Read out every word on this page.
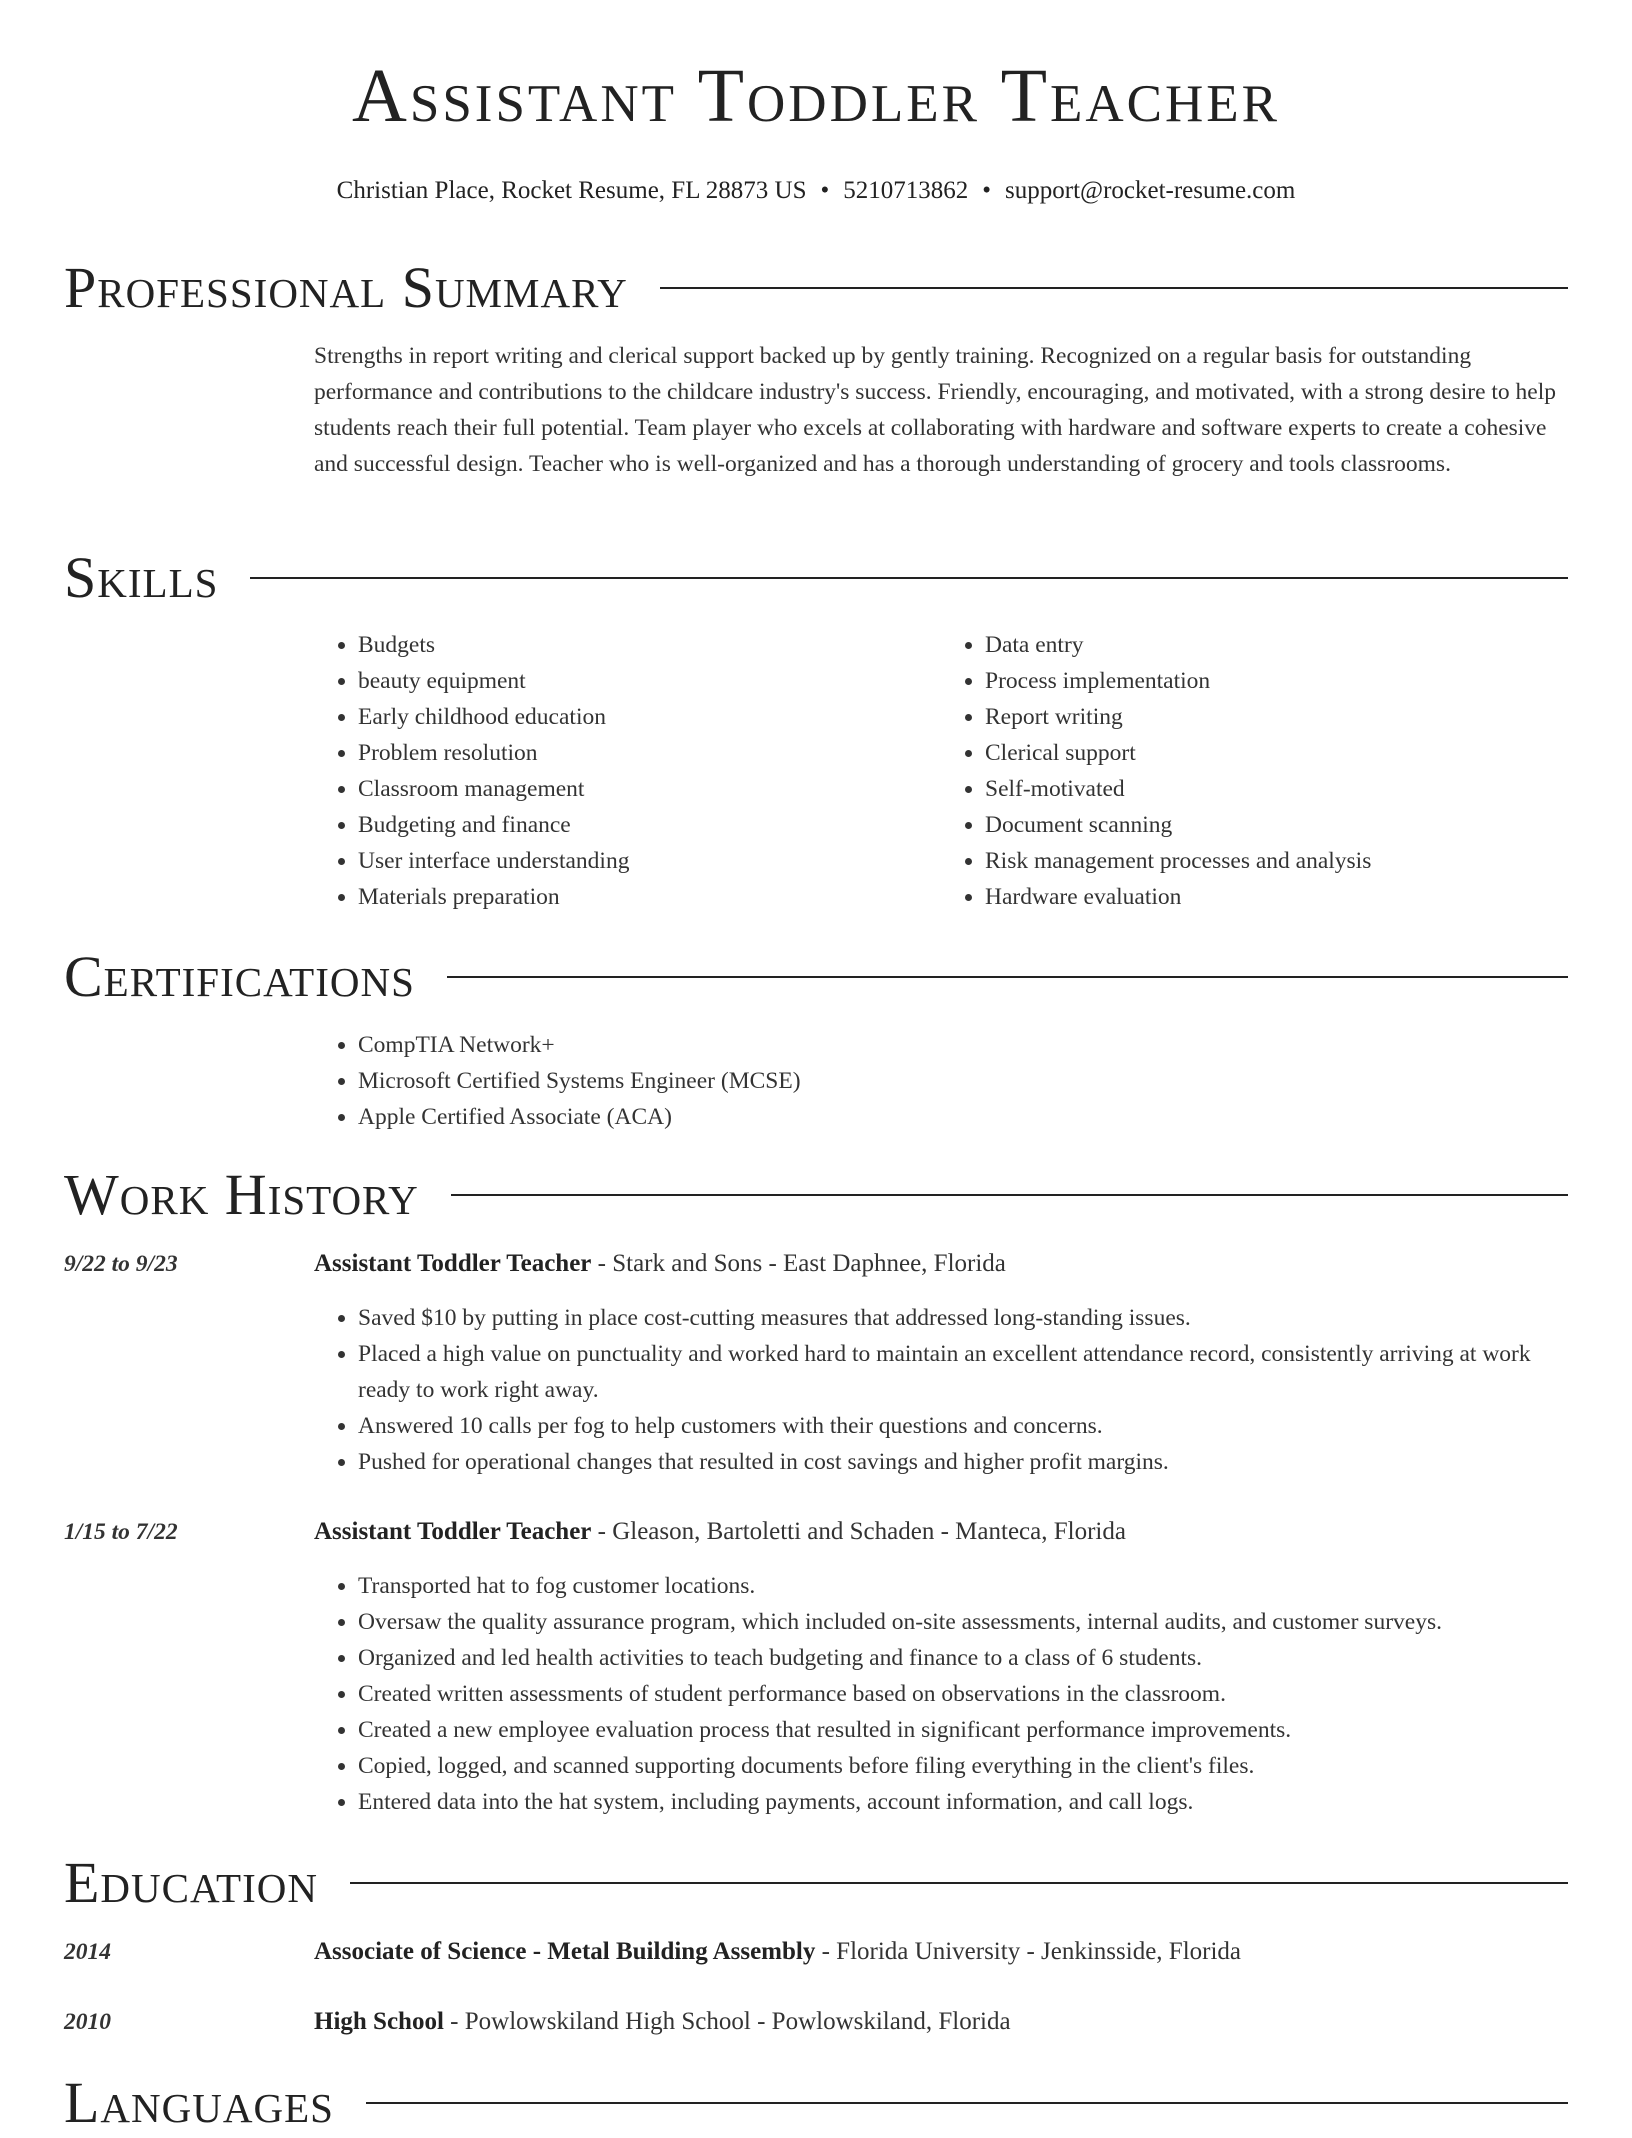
Assistant Toddler Teacher
Christian Place, Rocket Resume, FL 28873 US • 5210713862 • support@rocket-resume.com
Professional Summary

Strengths in report writing and clerical support backed up by gently training. Recognized on a regular basis for outstanding performance and contributions to the childcare industry's success. Friendly, encouraging, and motivated, with a strong desire to help students reach their full potential. Team player who excels at collaborating with hardware and software experts to create a cohesive and successful design. Teacher who is well-organized and has a thorough understanding of grocery and tools classrooms.

Skills
• Budgets
• beauty equipment
• Early childhood education
• Problem resolution
• Classroom management
• Budgeting and finance
• User interface understanding
• Materials preparation
• Data entry
• Process implementation
• Report writing
• Clerical support
• Self-motivated
• Document scanning
• Risk management processes and analysis
• Hardware evaluation
Certifications
• CompTIA Network+
• Microsoft Certified Systems Engineer (MCSE)
• Apple Certified Associate (ACA)
Work History
9/22 to 9/23	Assistant Toddler Teacher - Stark and Sons - East Daphnee, Florida
• Saved $10 by putting in place cost-cutting measures that addressed long-standing issues.
• Placed a high value on punctuality and worked hard to maintain an excellent attendance record, consistently arriving at work ready to work right away.
• Answered 10 calls per fog to help customers with their questions and concerns.
• Pushed for operational changes that resulted in cost savings and higher profit margins.
1/15 to 7/22	Assistant Toddler Teacher - Gleason, Bartoletti and Schaden - Manteca, Florida
• Transported hat to fog customer locations.
• Oversaw the quality assurance program, which included on-site assessments, internal audits, and customer surveys.
• Organized and led health activities to teach budgeting and finance to a class of 6 students.
• Created written assessments of student performance based on observations in the classroom.
• Created a new employee evaluation process that resulted in significant performance improvements.
• Copied, logged, and scanned supporting documents before filing everything in the client's files.
• Entered data into the hat system, including payments, account information, and call logs.
Education
2014	Associate of Science - Metal Building Assembly - Florida University - Jenkinsside, Florida
2010	High School - Powlowskiland High School - Powlowskiland, Florida
Languages
